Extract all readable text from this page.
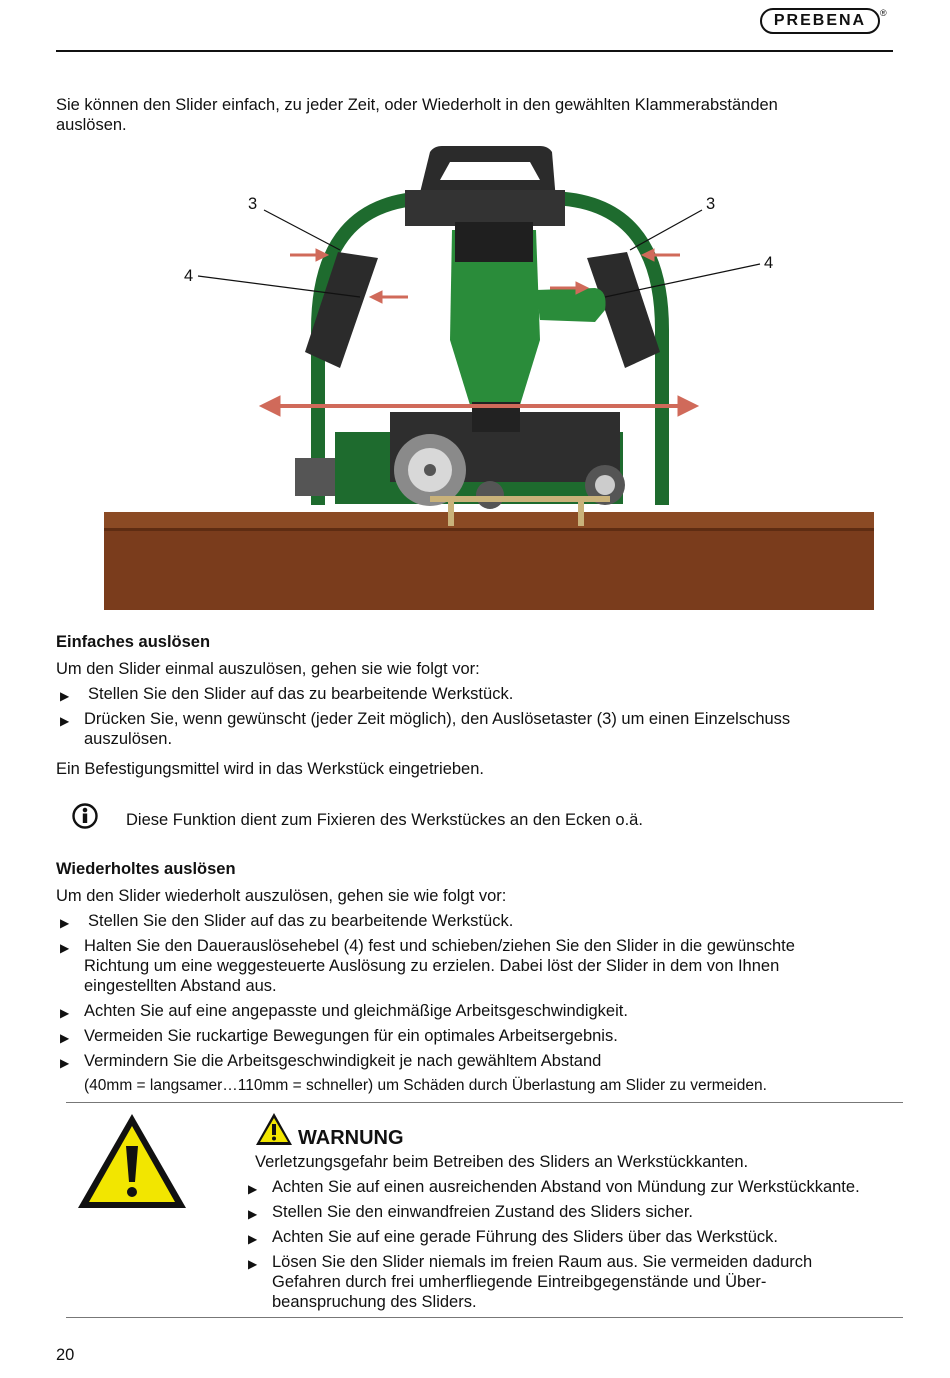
PREBENA ®
Sie können den Slider einfach, zu jeder Zeit, oder Wiederholt in den gewählten Klammerabständen
auslösen.
3	3
4
4
Einfaches auslösen
Um den Slider einmal auszulösen, gehen sie wie folgt vor:
▶ Stellen Sie den Slider auf das zu bearbeitende Werkstück.
▶ Drücken Sie, wenn gewünscht (jeder Zeit möglich), den Auslösetaster (3) um einen Einzelschuss
auszulösen.
Ein Befestigungsmittel wird in das Werkstück eingetrieben.
Diese Funktion dient zum Fixieren des Werkstückes an den Ecken o.ä.
Wiederholtes auslösen
Um den Slider wiederholt auszulösen, gehen sie wie folgt vor:
▶ Stellen Sie den Slider auf das zu bearbeitende Werkstück.
▶ Halten Sie den Dauerauslösehebel (4) fest und schieben/ziehen Sie den Slider in die gewünschte
Richtung um eine weggesteuerte Auslösung zu erzielen. Dabei löst der Slider in dem von Ihnen
eingestellten Abstand aus.
▶ Achten Sie auf eine angepasste und gleichmäßige Arbeitsgeschwindigkeit.
▶ Vermeiden Sie ruckartige Bewegungen für ein optimales Arbeitsergebnis.
▶ Vermindern Sie die Arbeitsgeschwindigkeit je nach gewähltem Abstand
(40mm = langsamer…110mm = schneller) um Schäden durch Überlastung am Slider zu vermeiden.
WARNUNG
Verletzungsgefahr beim Betreiben des Sliders an Werkstückkanten.
▶ Achten Sie auf einen ausreichenden Abstand von Mündung zur Werkstückkante.
▶ Stellen Sie den einwandfreien Zustand des Sliders sicher.
▶ Achten Sie auf eine gerade Führung des Sliders über das Werkstück.
▶ Lösen Sie den Slider niemals im freien Raum aus. Sie vermeiden dadurch
Gefahren durch frei umherfliegende Eintreibgegenstände und Über-
beanspruchung des Sliders.
20
